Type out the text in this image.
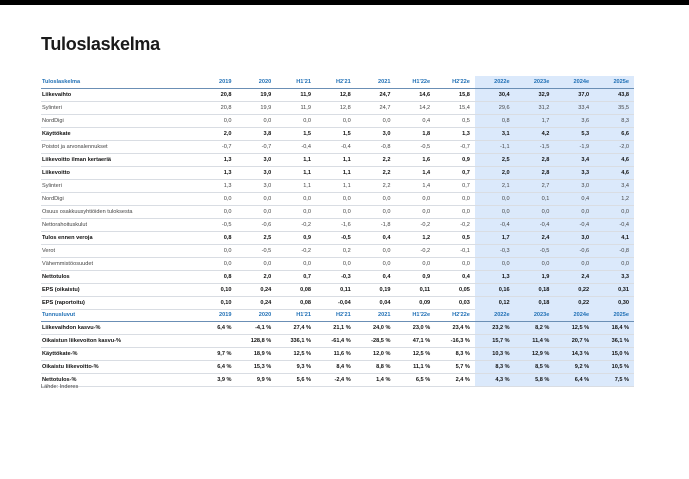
Tuloslaskelma
Tuloslaskelma	2019	2020	H1'21	H2'21	2021	H1'22e	H2'22e	2022e	2023e	2024e	2025e
Liikevaihto	20,8	19,9	11,9	12,8	24,7	14,6	15,8	30,4	32,9	37,0	43,8
Sylinteri	20,8	19,9	11,9	12,8	24,7	14,2	15,4	29,6	31,2	33,4	35,5
NordDigi	0,0	0,0	0,0	0,0	0,0	0,4	0,5	0,8	1,7	3,6	8,3
Käyttökate	2,0	3,8	1,5	1,5	3,0	1,8	1,3	3,1	4,2	5,3	6,6
Poistot ja arvonalennukset	-0,7	-0,7	-0,4	-0,4	-0,8	-0,5	-0,7	-1,1	-1,5	-1,9	-2,0
Liikevoitto ilman kertaeriä	1,3	3,0	1,1	1,1	2,2	1,6	0,9	2,5	2,8	3,4	4,6
Liikevoitto	1,3	3,0	1,1	1,1	2,2	1,4	0,7	2,0	2,8	3,3	4,6
Sylinteri	1,3	3,0	1,1	1,1	2,2	1,4	0,7	2,1	2,7	3,0	3,4
NordDigi	0,0	0,0	0,0	0,0	0,0	0,0	0,0	0,0	0,1	0,4	1,2
Osuus osakkuusyhtiöiden tuloksesta	0,0	0,0	0,0	0,0	0,0	0,0	0,0	0,0	0,0	0,0	0,0
Nettorahoituskulut	-0,5	-0,6	-0,2	-1,6	-1,8	-0,2	-0,2	-0,4	-0,4	-0,4	-0,4
Tulos ennen veroja	0,8	2,5	0,9	-0,5	0,4	1,2	0,5	1,7	2,4	3,0	4,1
Verot	0,0	-0,5	-0,2	0,2	0,0	-0,2	-0,1	-0,3	-0,5	-0,6	-0,8
Vähemmistöosuudet	0,0	0,0	0,0	0,0	0,0	0,0	0,0	0,0	0,0	0,0	0,0
Nettotulos	0,8	2,0	0,7	-0,3	0,4	0,9	0,4	1,3	1,9	2,4	3,3
EPS (oikaistu)	0,10	0,24	0,08	0,11	0,19	0,11	0,05	0,16	0,18	0,22	0,31
EPS (raportoitu)	0,10	0,24	0,08	-0,04	0,04	0,09	0,03	0,12	0,18	0,22	0,30
Tunnusluvut	2019	2020	H1'21	H2'21	2021	H1'22e	H2'22e	2022e	2023e	2024e	2025e
Liikevaihdon kasvu-%	6,4 %	-4,1 %	27,4 %	21,1 %	24,0 %	23,0 %	23,4 %	23,2 %	8,2 %	12,5 %	18,4 %
Oikaistun liikevoiton kasvu-%		128,8 %	336,1 %	-61,4 %	-28,5 %	47,1 %	-16,3 %	15,7 %	11,4 %	20,7 %	36,1 %
Käyttökate-%	9,7 %	18,9 %	12,5 %	11,6 %	12,0 %	12,5 %	8,3 %	10,3 %	12,9 %	14,3 %	15,0 %
Oikaistu liikevoitto-%	6,4 %	15,3 %	9,3 %	8,4 %	8,8 %	11,1 %	5,7 %	8,3 %	8,5 %	9,2 %	10,5 %
Nettotulos-%	3,9 %	9,9 %	5,6 %	-2,4 %	1,4 %	6,5 %	2,4 %	4,3 %	5,8 %	6,4 %	7,5 %
Lähde: Inderes
